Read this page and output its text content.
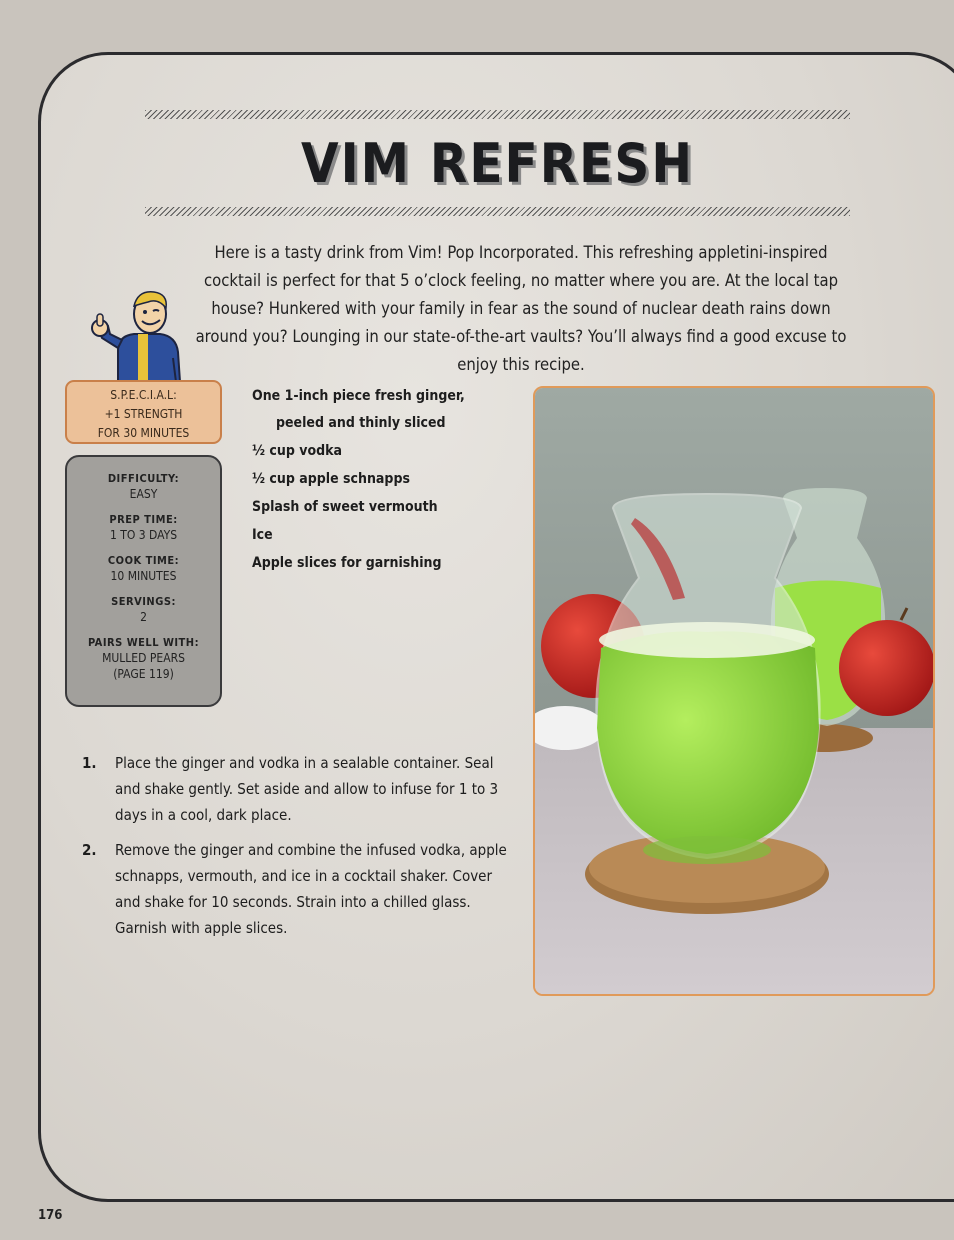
VIM REFRESH
Here is a tasty drink from Vim! Pop Incorporated. This refreshing appletini-inspired cocktail is perfect for that 5 o’clock feeling, no matter where you are. At the local tap house? Hunkered with your family in fear as the sound of nuclear death rains down around you? Lounging in our state-of-the-art vaults? You’ll always find a good excuse to enjoy this recipe.
S.P.E.C.I.A.L:
+1 STRENGTH
FOR 30 MINUTES
DIFFICULTY:
EASY
PREP TIME:
1 TO 3 DAYS
COOK TIME:
10 MINUTES
SERVINGS:
2
PAIRS WELL WITH:
MULLED PEARS
(PAGE 119)
One 1-inch piece fresh ginger,
peeled and thinly sliced
½ cup vodka
½ cup apple schnapps
Splash of sweet vermouth
Ice
Apple slices for garnishing
1.	Place the ginger and vodka in a sealable container. Seal and shake gently. Set aside and allow to infuse for 1 to 3 days in a cool, dark place.
2.	Remove the ginger and combine the infused vodka, apple schnapps, vermouth, and ice in a cocktail shaker. Cover and shake for 10 seconds. Strain into a chilled glass. Garnish with apple slices.
176
